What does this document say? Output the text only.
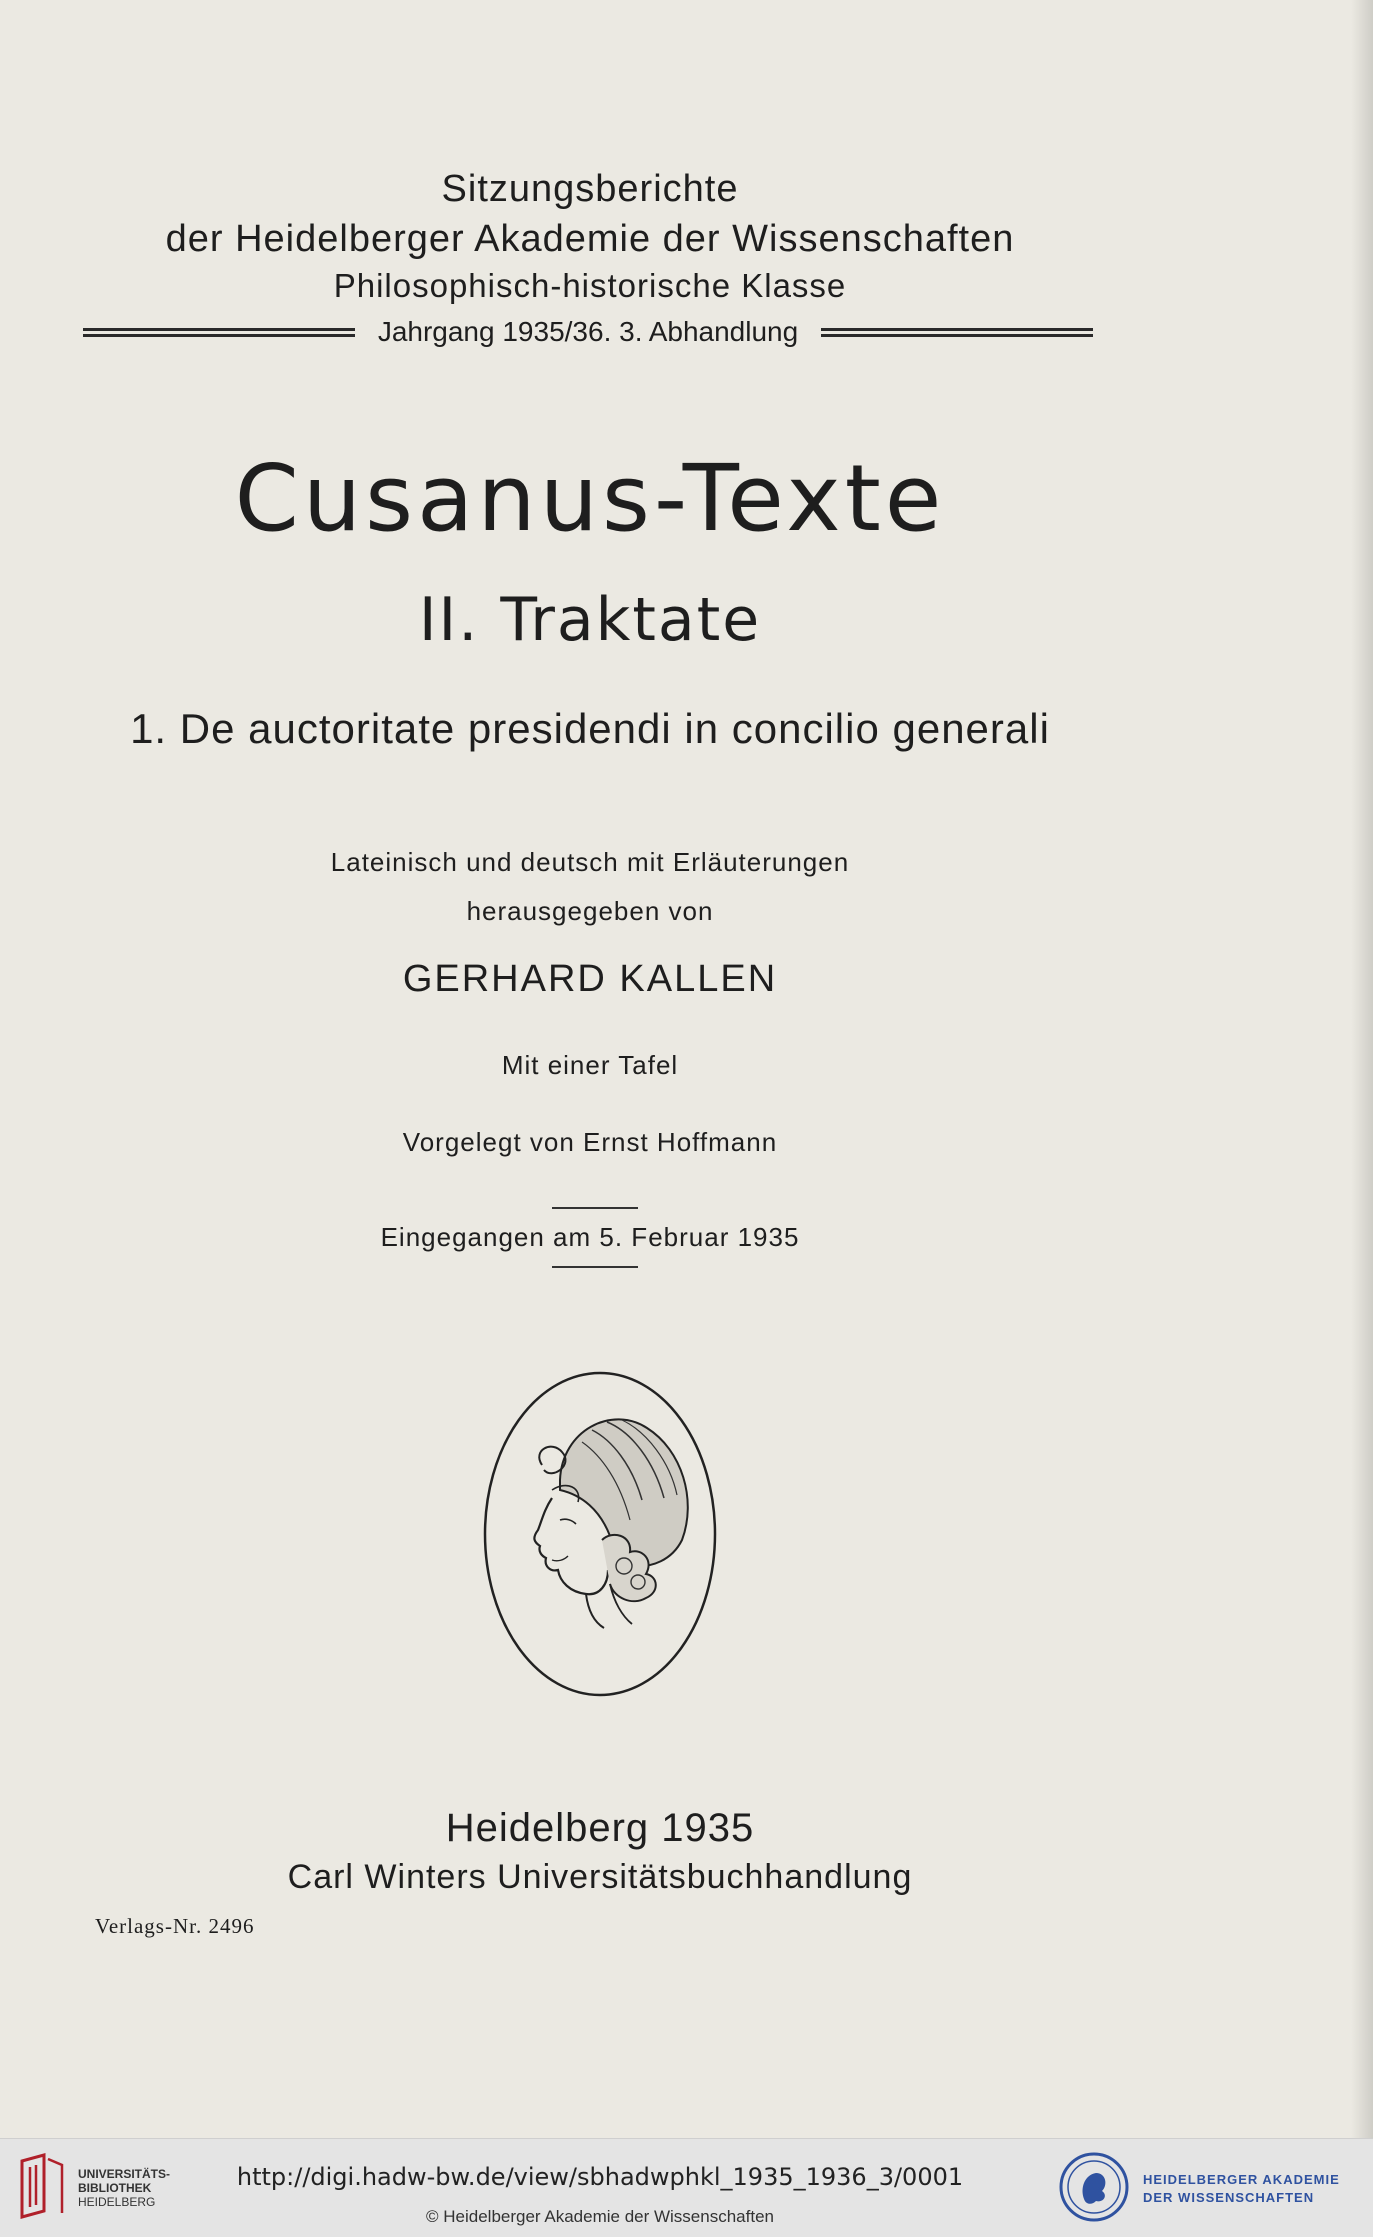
Sitzungsberichte
der Heidelberger Akademie der Wissenschaften
Philosophisch-historische Klasse
Jahrgang 1935/36. 3. Abhandlung
Cusanus-Texte
II. Traktate
1. De auctoritate presidendi in concilio generali
Lateinisch und deutsch mit Erläuterungen
herausgegeben von
GERHARD KALLEN
Mit einer Tafel
Vorgelegt von Ernst Hoffmann
Eingegangen am 5. Februar 1935
Heidelberg 1935
Carl Winters Universitätsbuchhandlung
Verlags-Nr. 2496
UNIVERSITÄTS-
BIBLIOTHEK
HEIDELBERG
http://digi.hadw-bw.de/view/sbhadwphkl_1935_1936_3/0001
© Heidelberger Akademie der Wissenschaften
HEIDELBERGER AKADEMIE
DER WISSENSCHAFTEN
